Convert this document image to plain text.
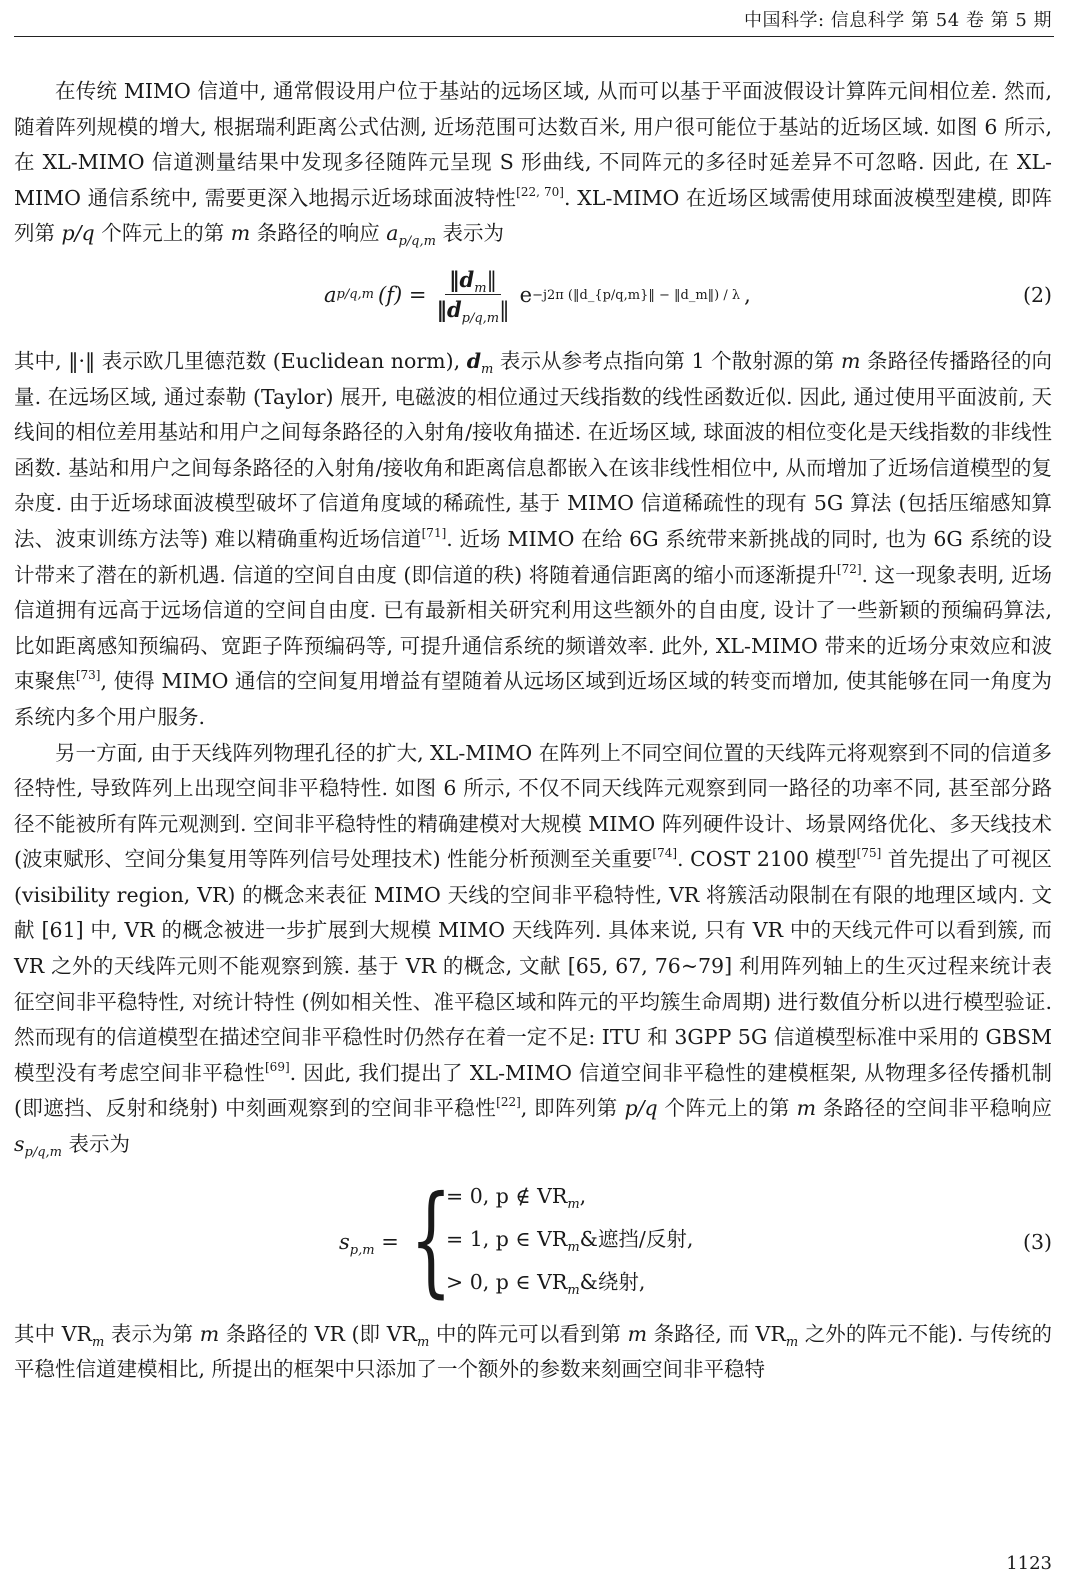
中国科学: 信息科学 第 54 卷 第 5 期

在传统 MIMO 信道中, 通常假设用户位于基站的远场区域, 从而可以基于平面波假设计算阵元间相位差. 然而, 随着阵列规模的增大, 根据瑞利距离公式估测, 近场范围可达数百米, 用户很可能位于基站的近场区域. 如图 6 所示, 在 XL-MIMO 信道测量结果中发现多径随阵元呈现 S 形曲线, 不同阵元的多径时延差异不可忽略. 因此, 在 XL-MIMO 通信系统中, 需要更深入地揭示近场球面波特性[22, 70]. XL-MIMO 在近场区域需使用球面波模型建模, 即阵列第 p/q 个阵元上的第 m 条路径的响应 $a_{p/q,m}$ 表示为

a p/q,m $(f) = \frac{‖d_m‖}{‖d_{p/q,m}‖}$ e −j2π (‖d_{p/q,m}‖ − ‖d_m‖) / λ ,	(2)

其中, ‖·‖ 表示欧几里德范数 (Euclidean norm), $d_m$ 表示从参考点指向第 1 个散射源的第 m 条路径传播路径的向量. 在远场区域, 通过泰勒 (Taylor) 展开, 电磁波的相位通过天线指数的线性函数近似. 因此, 通过使用平面波前, 天线间的相位差用基站和用户之间每条路径的入射角/接收角描述. 在近场区域, 球面波的相位变化是天线指数的非线性函数. 基站和用户之间每条路径的入射角/接收角和距离信息都嵌入在该非线性相位中, 从而增加了近场信道模型的复杂度. 由于近场球面波模型破坏了信道角度域的稀疏性, 基于 MIMO 信道稀疏性的现有 5G 算法 (包括压缩感知算法、波束训练方法等) 难以精确重构近场信道[71]. 近场 MIMO 在给 6G 系统带来新挑战的同时, 也为 6G 系统的设计带来了潜在的新机遇. 信道的空间自由度 (即信道的秩) 将随着通信距离的缩小而逐渐提升[72]. 这一现象表明, 近场信道拥有远高于远场信道的空间自由度. 已有最新相关研究利用这些额外的自由度, 设计了一些新颖的预编码算法, 比如距离感知预编码、宽距子阵预编码等, 可提升通信系统的频谱效率. 此外, XL-MIMO 带来的近场分束效应和波束聚焦[73], 使得 MIMO 通信的空间复用增益有望随着从远场区域到近场区域的转变而增加, 使其能够在同一角度为系统内多个用户服务.

另一方面, 由于天线阵列物理孔径的扩大, XL-MIMO 在阵列上不同空间位置的天线阵元将观察到不同的信道多径特性, 导致阵列上出现空间非平稳特性. 如图 6 所示, 不仅不同天线阵元观察到同一路径的功率不同, 甚至部分路径不能被所有阵元观测到. 空间非平稳特性的精确建模对大规模 MIMO 阵列硬件设计、场景网络优化、多天线技术 (波束赋形、空间分集复用等阵列信号处理技术) 性能分析预测至关重要[74]. COST 2100 模型[75] 首先提出了可视区 (visibility region, VR) 的概念来表征 MIMO 天线的空间非平稳特性, VR 将簇活动限制在有限的地理区域内. 文献 [61] 中, VR 的概念被进一步扩展到大规模 MIMO 天线阵列. 具体来说, 只有 VR 中的天线元件可以看到簇, 而 VR 之外的天线阵元则不能观察到簇. 基于 VR 的概念, 文献 [65, 67, 76~79] 利用阵列轴上的生灭过程来统计表征空间非平稳特性, 对统计特性 (例如相关性、准平稳区域和阵元的平均簇生命周期) 进行数值分析以进行模型验证. 然而现有的信道模型在描述空间非平稳性时仍然存在着一定不足: ITU 和 3GPP 5G 信道模型标准中采用的 GBSM 模型没有考虑空间非平稳性[69]. 因此, 我们提出了 XL-MIMO 信道空间非平稳性的建模框架, 从物理多径传播机制 (即遮挡、反射和绕射) 中刻画观察到的空间非平稳性[22], 即阵列第 p/q 个阵元上的第 m 条路径的空间非平稳响应 $s_{p/q,m}$ 表示为

$s_{p,m}$ = {
= 0, p ∉ $VR_m$,
= 1, p ∈ $VR_m\&$遮挡/反射,
> 0, p ∈ $VR_m\&$绕射,
(3)

其中 $VR_m$ 表示为第 m 条路径的 VR (即 $VR_m$ 中的阵元可以看到第 m 条路径, 而 $VR_m$ 之外的阵元不能). 与传统的平稳性信道建模相比, 所提出的框架中只添加了一个额外的参数来刻画空间非平稳特

1123
